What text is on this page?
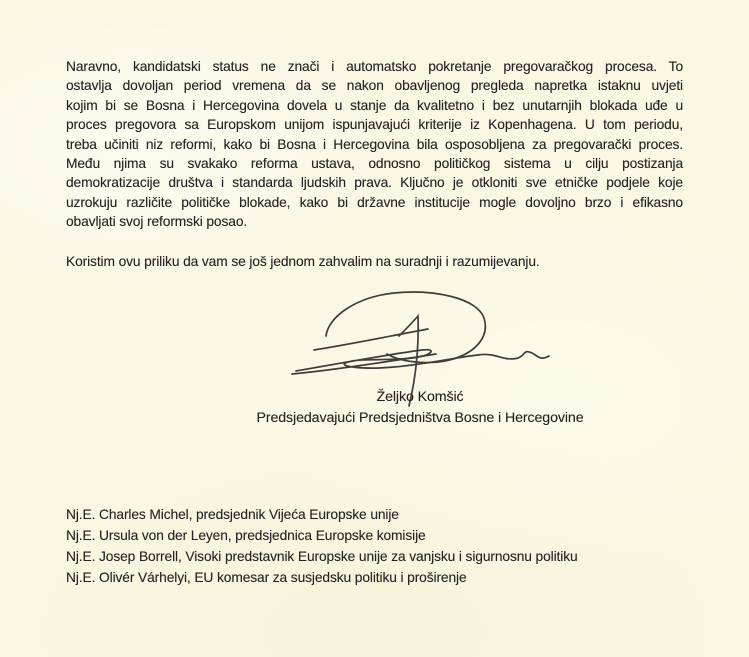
Naravno, kandidatski status ne znači i automatsko pokretanje pregovaračkog procesa. To
ostavlja dovoljan period vremena da se nakon obavljenog pregleda napretka istaknu uvjeti
kojim bi se Bosna i Hercegovina dovela u stanje da kvalitetno i bez unutarnjih blokada uđe u
proces pregovora sa Europskom unijom ispunjavajući kriterije iz Kopenhagena. U tom periodu,
treba učiniti niz reformi, kako bi Bosna i Hercegovina bila osposobljena za pregovarački proces.
Među njima su svakako reforma ustava, odnosno političkog sistema u cilju postizanja
demokratizacije društva i standarda ljudskih prava. Ključno je otkloniti sve etničke podjele koje
uzrokuju različite političke blokade, kako bi državne institucije mogle dovoljno brzo i efikasno
obavljati svoj reformski posao.
Koristim ovu priliku da vam se još jednom zahvalim na suradnji i razumijevanju.
Željko Komšić
Predsjedavajući Predsjedništva Bosne i Hercegovine
Nj.E. Charles Michel, predsjednik Vijeća Europske unije
Nj.E. Ursula von der Leyen, predsjednica Europske komisije
Nj.E. Josep Borrell, Visoki predstavnik Europske unije za vanjsku i sigurnosnu politiku
Nj.E. Olivér Várhelyi, EU komesar za susjedsku politiku i proširenje
